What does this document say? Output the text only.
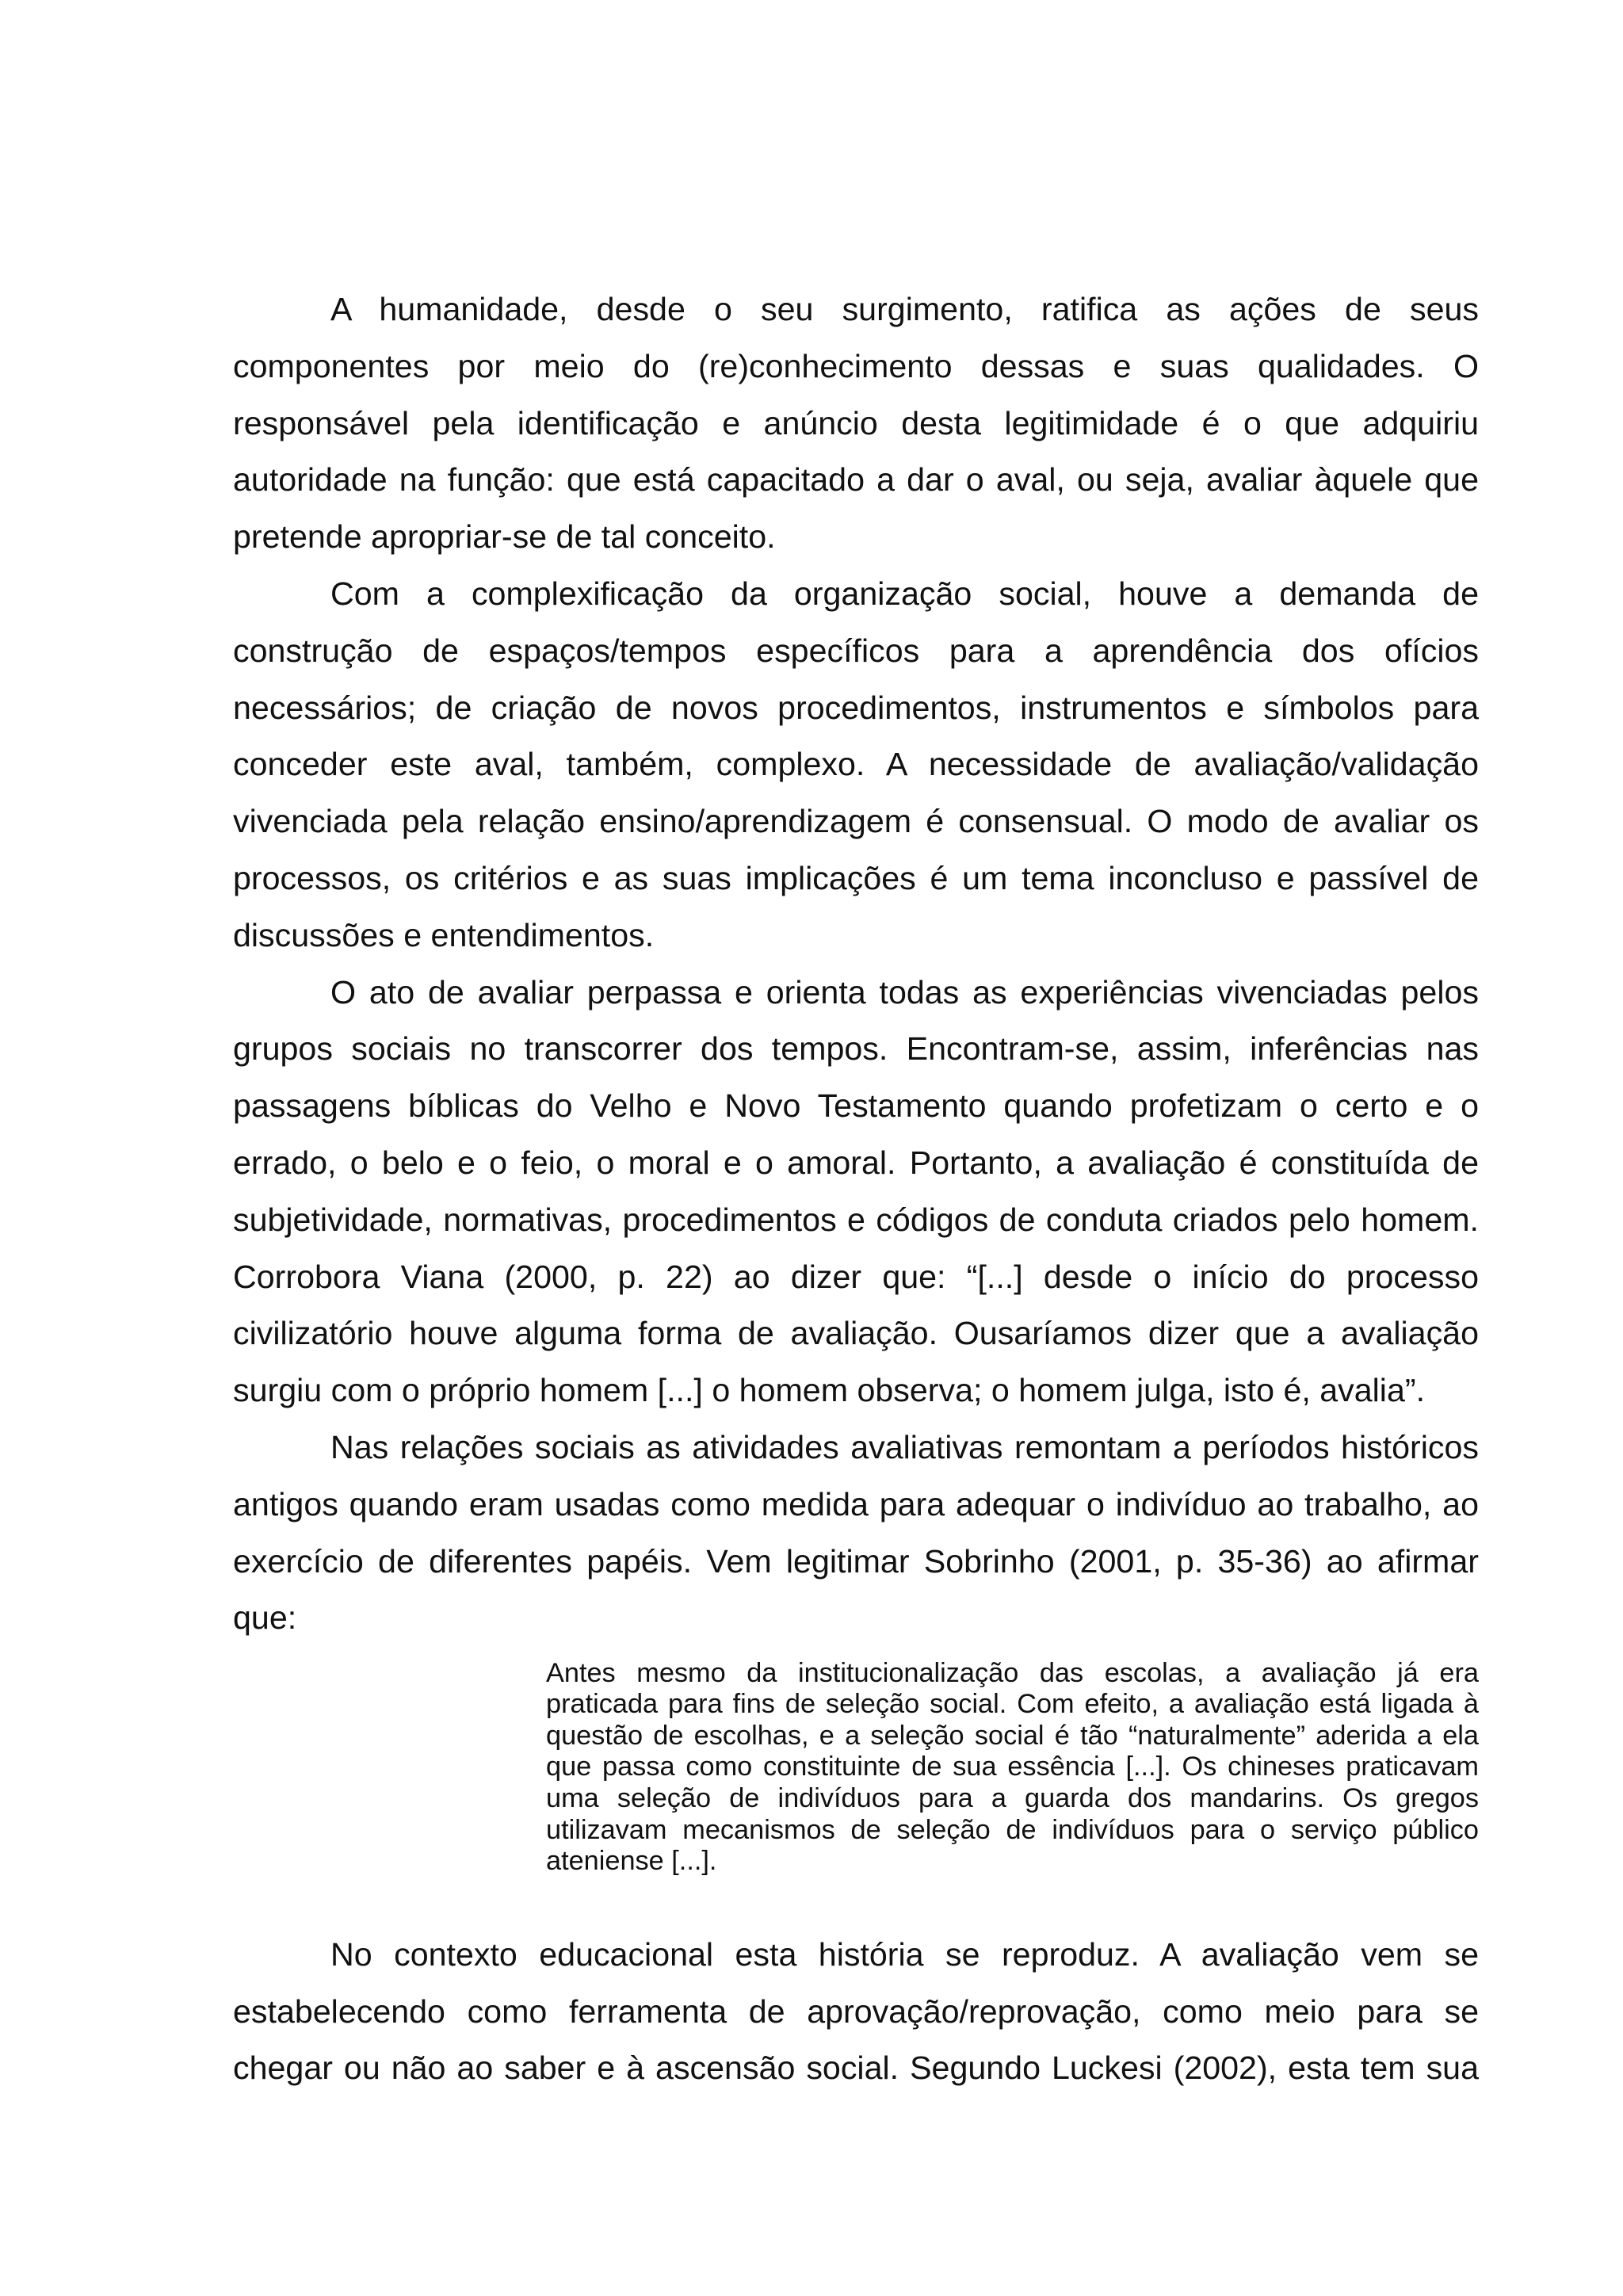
A humanidade, desde o seu surgimento, ratifica as ações de seus
componentes por meio do (re)conhecimento dessas e suas qualidades. O
responsável pela identificação e anúncio desta legitimidade é o que adquiriu
autoridade na função: que está capacitado a dar o aval, ou seja, avaliar àquele que
pretende apropriar-se de tal conceito.
Com a complexificação da organização social, houve a demanda de
construção de espaços/tempos específicos para a aprendência dos ofícios
necessários; de criação de novos procedimentos, instrumentos e símbolos para
conceder este aval, também, complexo. A necessidade de avaliação/validação
vivenciada pela relação ensino/aprendizagem é consensual. O modo de avaliar os
processos, os critérios e as suas implicações é um tema inconcluso e passível de
discussões e entendimentos.
O ato de avaliar perpassa e orienta todas as experiências vivenciadas pelos
grupos sociais no transcorrer dos tempos. Encontram-se, assim, inferências nas
passagens bíblicas do Velho e Novo Testamento quando profetizam o certo e o
errado, o belo e o feio, o moral e o amoral. Portanto, a avaliação é constituída de
subjetividade, normativas, procedimentos e códigos de conduta criados pelo homem.
Corrobora Viana (2000, p. 22) ao dizer que: “[...] desde o início do processo
civilizatório houve alguma forma de avaliação. Ousaríamos dizer que a avaliação
surgiu com o próprio homem [...] o homem observa; o homem julga, isto é, avalia”.
Nas relações sociais as atividades avaliativas remontam a períodos históricos
antigos quando eram usadas como medida para adequar o indivíduo ao trabalho, ao
exercício de diferentes papéis. Vem legitimar Sobrinho (2001, p. 35-36) ao afirmar
que:
Antes mesmo da institucionalização das escolas, a avaliação já era
praticada para fins de seleção social. Com efeito, a avaliação está ligada à
questão de escolhas, e a seleção social é tão “naturalmente” aderida a ela
que passa como constituinte de sua essência [...]. Os chineses praticavam
uma seleção de indivíduos para a guarda dos mandarins. Os gregos
utilizavam mecanismos de seleção de indivíduos para o serviço público
ateniense [...].
No contexto educacional esta história se reproduz. A avaliação vem se
estabelecendo como ferramenta de aprovação/reprovação, como meio para se
chegar ou não ao saber e à ascensão social. Segundo Luckesi (2002), esta tem sua
